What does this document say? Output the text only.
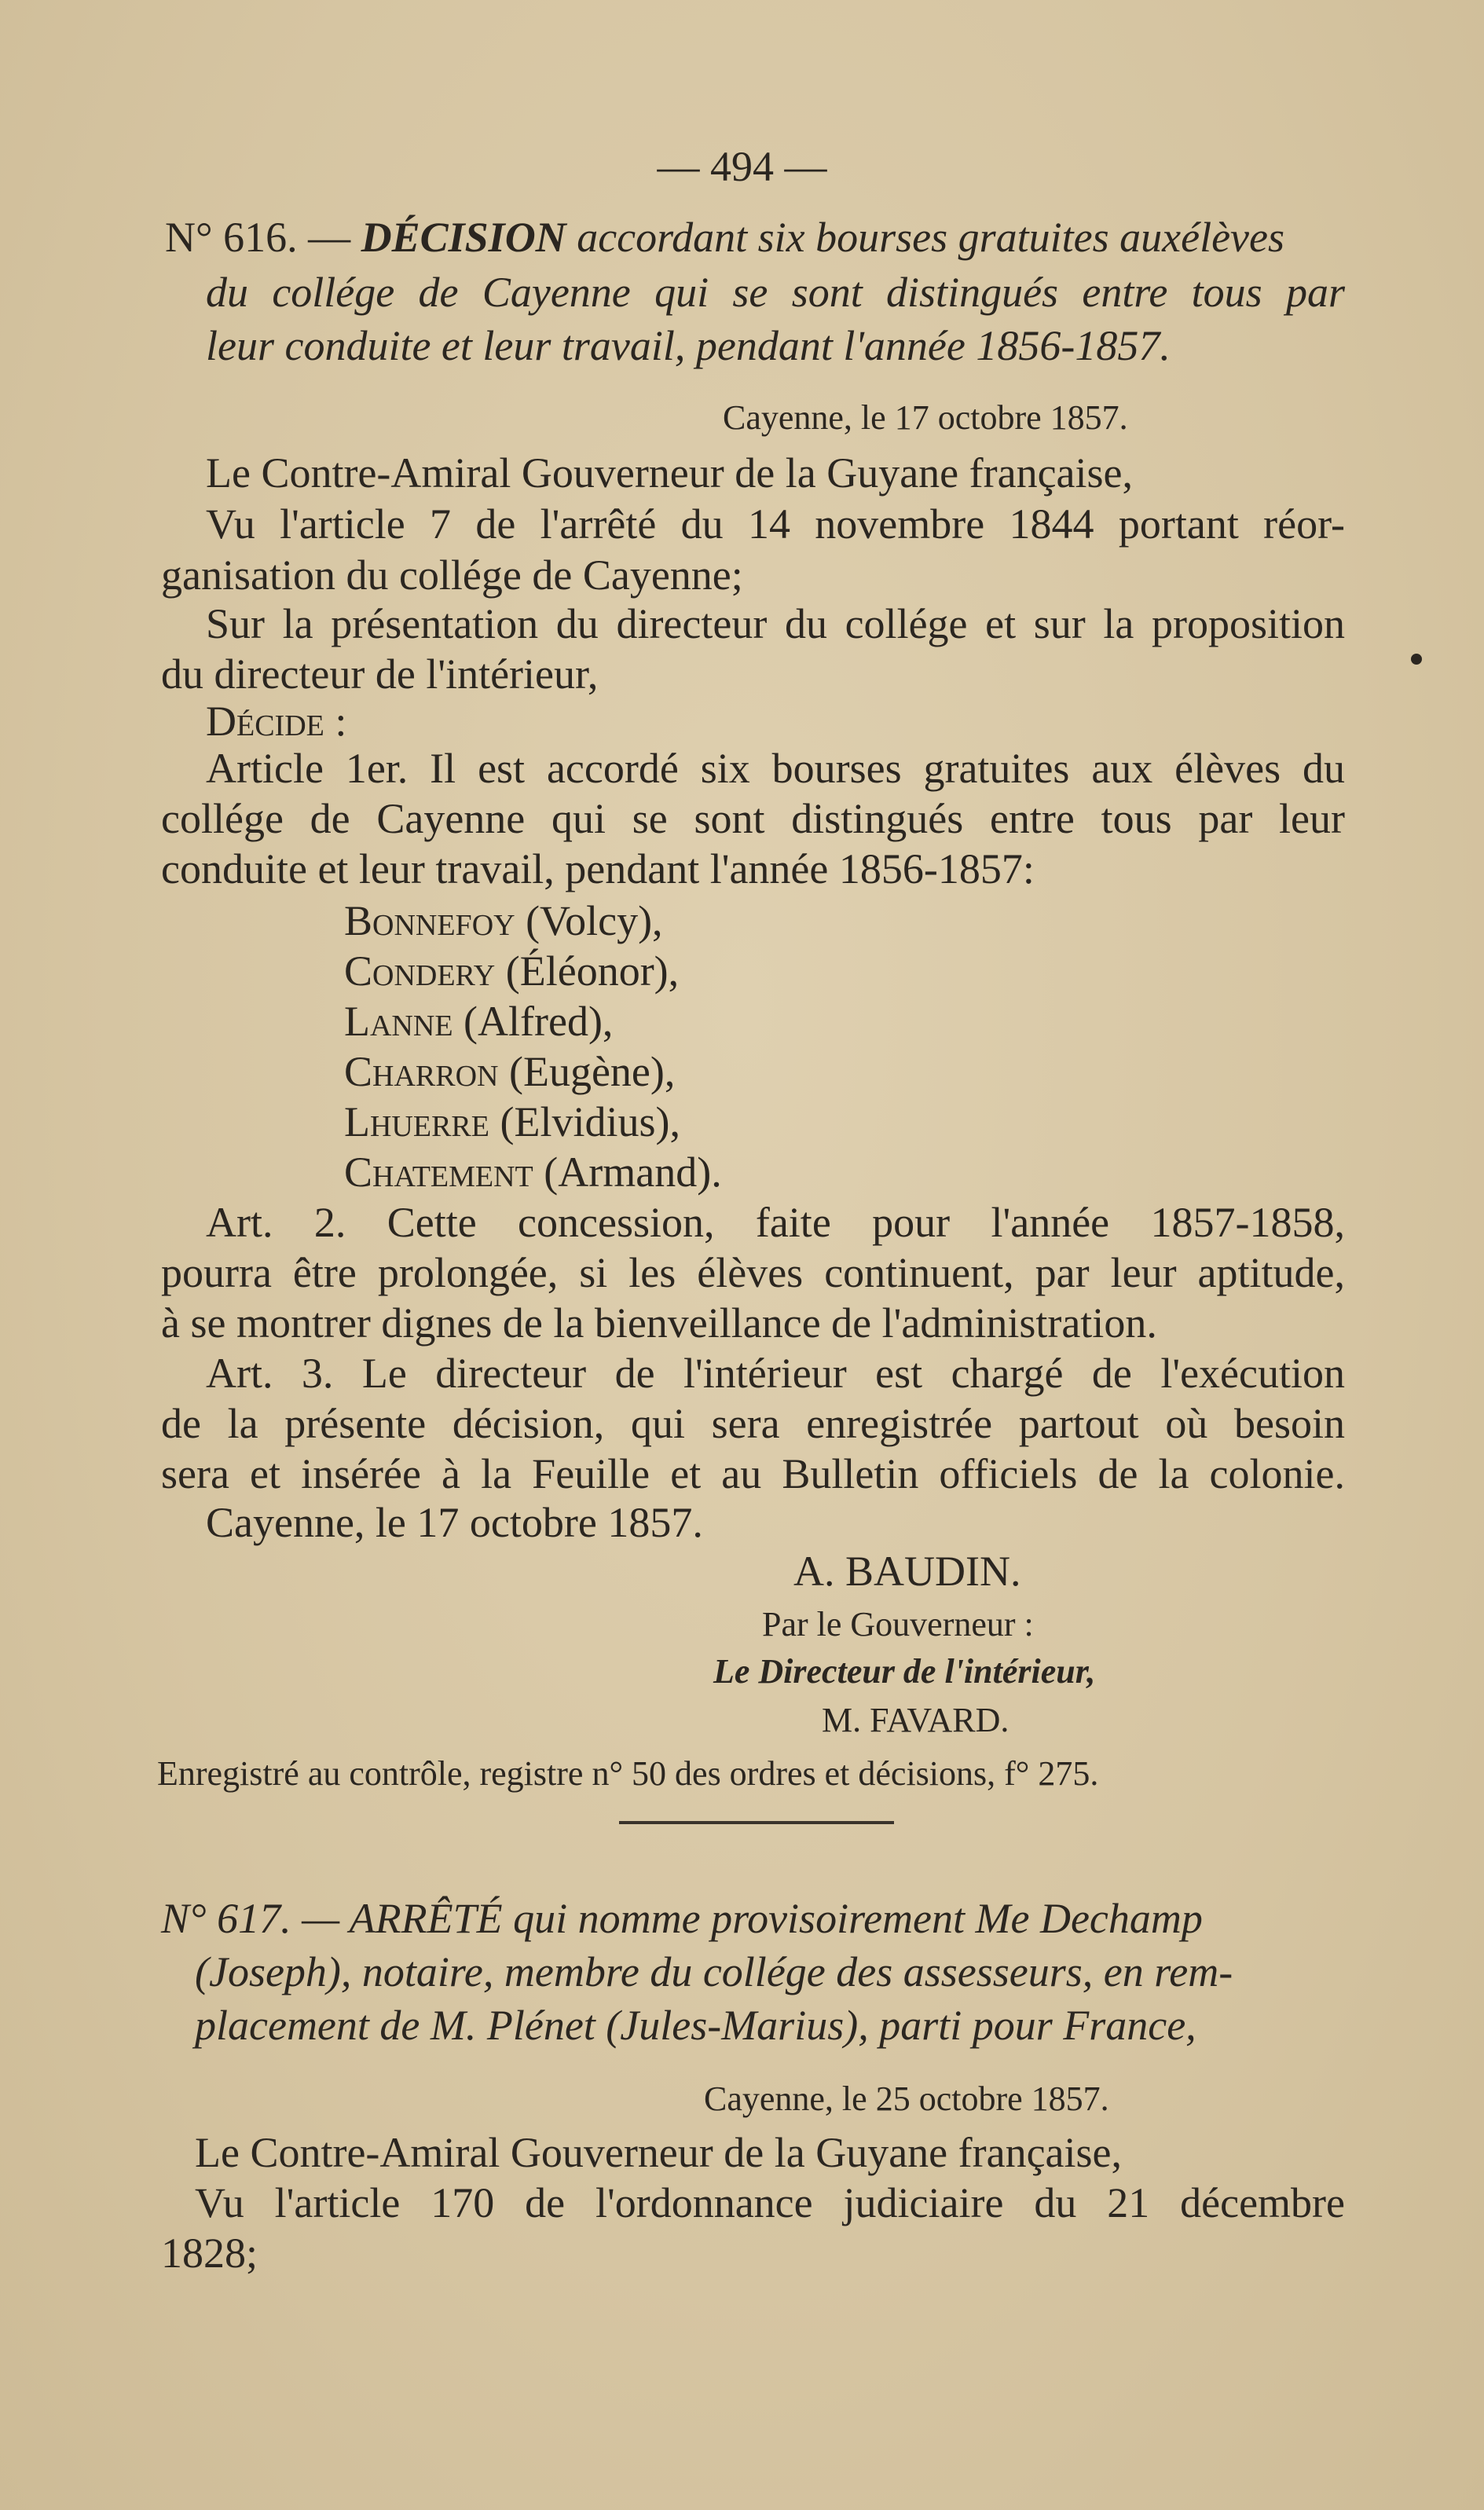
— 494 —
N° 616. — DÉCISION accordant six bourses gratuites auxélèves
du collége de Cayenne qui se sont distingués entre tous par
leur conduite et leur travail, pendant l'année 1856-1857.
Cayenne, le 17 octobre 1857.
Le Contre-Amiral Gouverneur de la Guyane française,
Vu l'article 7 de l'arrêté du 14 novembre 1844 portant réor-
ganisation du collége de Cayenne;
Sur la présentation du directeur du collége et sur la proposition
du directeur de l'intérieur,
Décide :
Article 1er. Il est accordé six bourses gratuites aux élèves du
collége de Cayenne qui se sont distingués entre tous par leur
conduite et leur travail, pendant l'année 1856-1857:
Bonnefoy (Volcy),
Condery (Éléonor),
Lanne (Alfred),
Charron (Eugène),
Lhuerre (Elvidius),
Chatement (Armand).
Art. 2. Cette concession, faite pour l'année 1857-1858,
pourra être prolongée, si les élèves continuent, par leur aptitude,
à se montrer dignes de la bienveillance de l'administration.
Art. 3. Le directeur de l'intérieur est chargé de l'exécution
de la présente décision, qui sera enregistrée partout où besoin
sera et insérée à la Feuille et au Bulletin officiels de la colonie.
Cayenne, le 17 octobre 1857.
A. BAUDIN.
Par le Gouverneur :
Le Directeur de l'intérieur,
M. FAVARD.
Enregistré au contrôle, registre n° 50 des ordres et décisions, f° 275.
N° 617. — ARRÊTÉ qui nomme provisoirement Me Dechamp
(Joseph), notaire, membre du collége des assesseurs, en rem-
placement de M. Plénet (Jules-Marius), parti pour France,
Cayenne, le 25 octobre 1857.
Le Contre-Amiral Gouverneur de la Guyane française,
Vu l'article 170 de l'ordonnance judiciaire du 21 décembre
1828;
